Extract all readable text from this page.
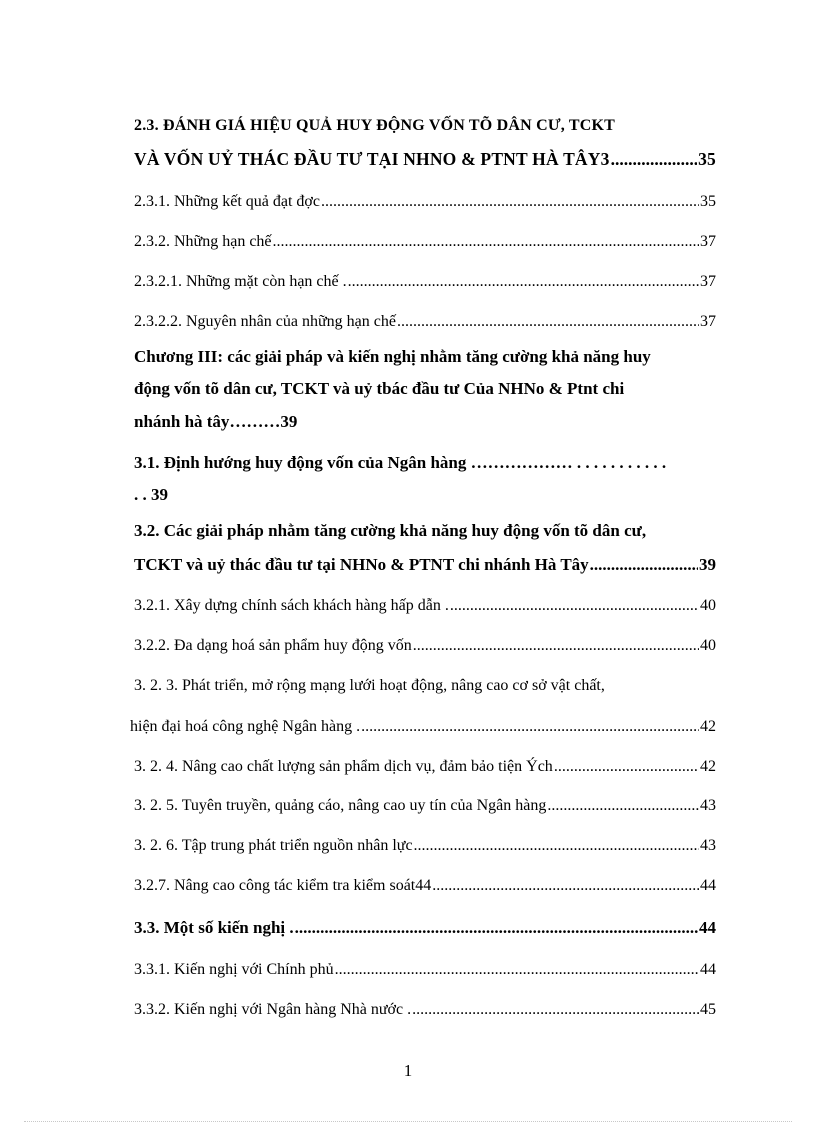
2.3. ĐÁNH GIÁ HIỆU QUẢ HUY ĐỘNG VỐN TÕ DÂN CƯ, TCKT
VÀ VỐN UỶ THÁC ĐẦU TƯ TẠI NHNO & PTNT HÀ TÂY3 .....	35
2.3.1. Những kết quả đạt đợc .....	35
2.3.2. Những hạn chế .....	37
2.3.2.1. Những mặt còn hạn chế . .....	37
2.3.2.2. Nguyên nhân của những hạn chế .....	37
Chương III: các giải pháp và kiến nghị nhằm tăng cường khả năng huy
động vốn tõ dân cư, TCKT và uỷ tbác đầu tư Của NHNo & Ptnt chi
nhánh hà tây………39
3.1. Định hướng huy động vốn của Ngân hàng ……………… . . . . . . . . . . .
. . 39
3.2. Các giải pháp nhằm tăng cường khả năng huy động vốn tõ dân cư,
TCKT và uỷ thác đầu tư tại NHNo & PTNT chi nhánh Hà Tây .....	39
3.2.1. Xây dựng chính sách khách hàng hấp dẫn . .....	40
3.2.2. Đa dạng hoá sản phẩm huy động vốn .....	40
3. 2. 3. Phát triển, mở rộng mạng lưới hoạt động, nâng cao cơ sở vật chất,
hiện đại hoá công nghệ Ngân hàng . .....	42
3. 2. 4. Nâng cao chất lượng sản phẩm dịch vụ, đảm bảo tiện Ých .....	42
3. 2. 5. Tuyên truyền, quảng cáo, nâng cao uy tín của Ngân hàng .....	43
3. 2. 6. Tập trung phát triển nguồn nhân lực .....	43
3.2.7. Nâng cao công tác kiểm tra kiểm soát44 .....	44
3.3. Một số kiến nghị . .....	44
3.3.1. Kiến nghị với Chính phủ .....	44
3.3.2. Kiến nghị với Ngân hàng Nhà nước . .....	45
1
